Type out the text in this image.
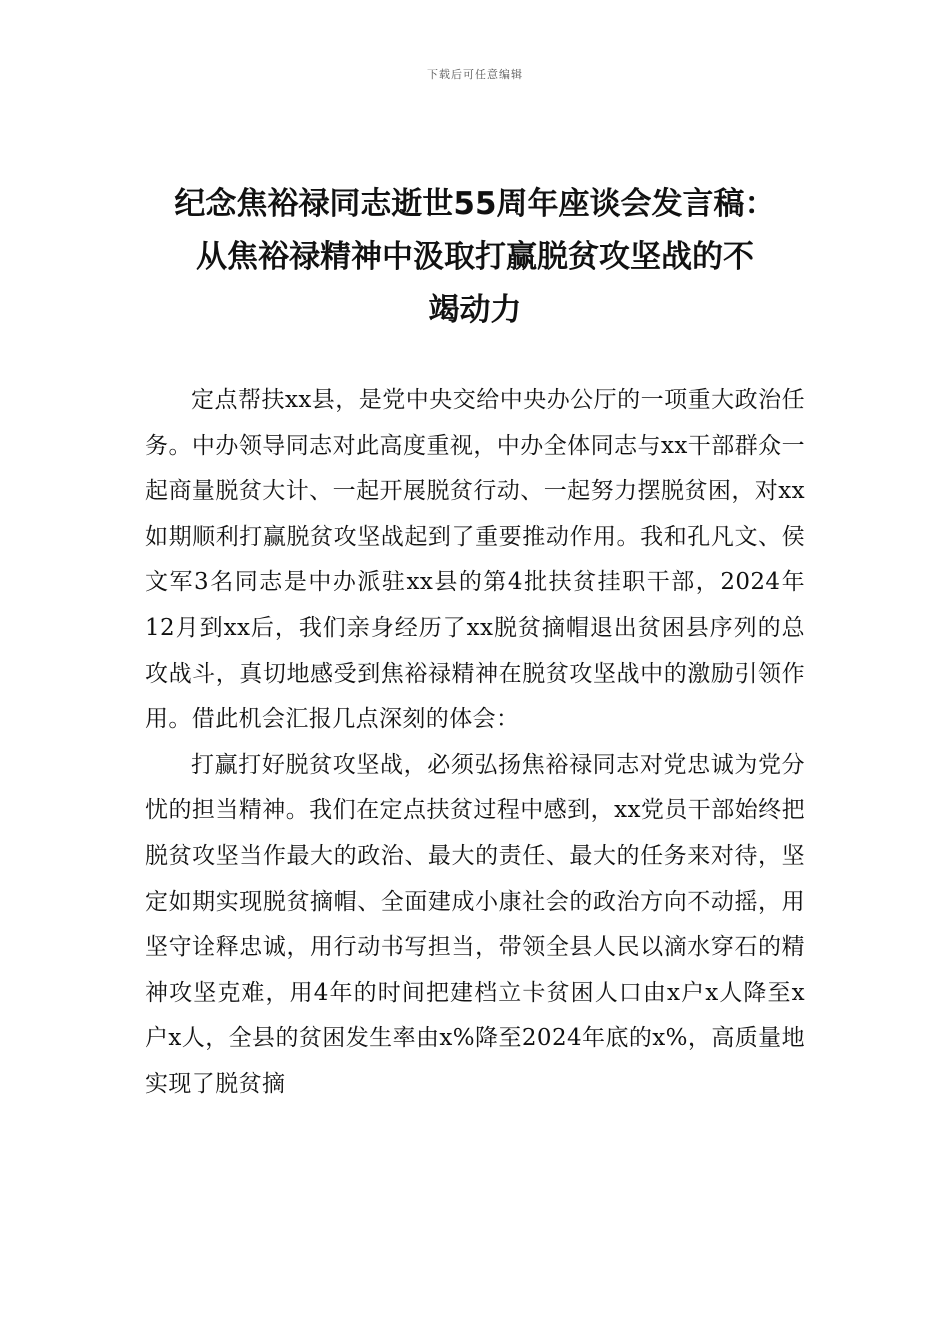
下载后可任意编辑
纪念焦裕禄同志逝世55周年座谈会发言稿：
从焦裕禄精神中汲取打赢脱贫攻坚战的不
竭动力

定点帮扶xx县，是党中央交给中央办公厅的一项重大政治任务。中办领导同志对此高度重视，中办全体同志与xx干部群众一起商量脱贫大计、一起开展脱贫行动、一起努力摆脱贫困，对xx如期顺利打赢脱贫攻坚战起到了重要推动作用。我和孔凡文、侯文军3名同志是中办派驻xx县的第4批扶贫挂职干部，2024年12月到xx后，我们亲身经历了xx脱贫摘帽退出贫困县序列的总攻战斗，真切地感受到焦裕禄精神在脱贫攻坚战中的激励引领作用。借此机会汇报几点深刻的体会：

打赢打好脱贫攻坚战，必须弘扬焦裕禄同志对党忠诚为党分忧的担当精神。我们在定点扶贫过程中感到，xx党员干部始终把脱贫攻坚当作最大的政治、最大的责任、最大的任务来对待，坚定如期实现脱贫摘帽、全面建成小康社会的政治方向不动摇，用坚守诠释忠诚，用行动书写担当，带领全县人民以滴水穿石的精神攻坚克难，用4年的时间把建档立卡贫困人口由x户x人降至x户x人，全县的贫困发生率由x%降至2024年底的x%，高质量地实现了脱贫摘
